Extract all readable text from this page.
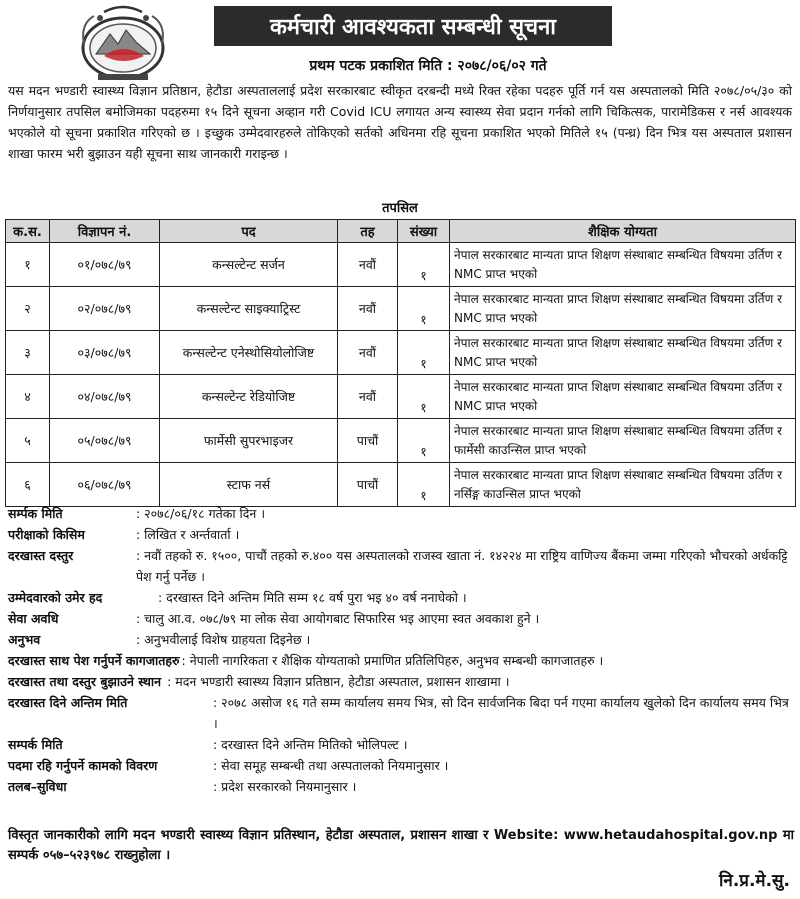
कर्मचारी आवश्यकता सम्बन्धी सूचना
प्रथम पटक प्रकाशित मिति : २०७८/०६/०२ गते
यस मदन भण्डारी स्वास्थ्य विज्ञान प्रतिष्ठान, हेटौडा अस्पताललाई प्रदेश सरकारबाट स्वीकृत दरबन्दी मध्ये रिक्त रहेका पदहरु पूर्ति गर्न यस अस्पतालको मिति २०७८/०५/३० को निर्णयानुसार तपसिल बमोजिमका पदहरुमा १५ दिने सूचना अव्हान गरी Covid ICU लगायत अन्य स्वास्थ्य सेवा प्रदान गर्नको लागि चिकित्सक, पारामेडिकस र नर्स आवश्यक भएकोले यो सूचना प्रकाशित गरिएको छ । इच्छुक उम्मेदवारहरुले तोकिएको सर्तको अधिनमा रहि सूचना प्रकाशित भएको मितिले १५ (पन्ध्र) दिन भित्र यस अस्पताल प्रशासन शाखा फारम भरी बुझाउन यही सूचना साथ जानकारी गराइन्छ ।
तपसिल
क.स.	विज्ञापन नं.	पद	तह	संख्या	शैक्षिक योग्यता
१	०१/०७८/७९	कन्सल्टेन्ट सर्जन	नवौं	१	नेपाल सरकारबाट मान्यता प्राप्त शिक्षण संस्थाबाट सम्बन्धित विषयमा उर्तिण र NMC प्राप्त भएको
२	०२/०७८/७९	कन्सल्टेन्ट साइक्याट्रिस्ट	नवौं	१	नेपाल सरकारबाट मान्यता प्राप्त शिक्षण संस्थाबाट सम्बन्धित विषयमा उर्तिण र NMC प्राप्त भएको
३	०३/०७८/७९	कन्सल्टेन्ट एनेस्थोसियोलोजिष्ट	नवौं	१	नेपाल सरकारबाट मान्यता प्राप्त शिक्षण संस्थाबाट सम्बन्धित विषयमा उर्तिण र NMC प्राप्त भएको
४	०४/०७८/७९	कन्सल्टेन्ट रेडियोजिष्ट	नवौं	१	नेपाल सरकारबाट मान्यता प्राप्त शिक्षण संस्थाबाट सम्बन्धित विषयमा उर्तिण र NMC प्राप्त भएको
५	०५/०७८/७९	फार्मेसी सुपरभाइजर	पाचौं	१	नेपाल सरकारबाट मान्यता प्राप्त शिक्षण संस्थाबाट सम्बन्धित विषयमा उर्तिण र फार्मेसी काउन्सिल प्राप्त भएको
६	०६/०७८/७९	स्टाफ नर्स	पाचौं	१	नेपाल सरकारबाट मान्यता प्राप्त शिक्षण संस्थाबाट सम्बन्धित विषयमा उर्तिण र नर्सिङ्ग काउन्सिल प्राप्त भएको
सर्म्पक मिति	: २०७८/०६/१८ गतेका दिन ।
परीक्षाको किसिम	: लिखित र अर्न्तवार्ता ।
दरखास्त दस्तुर	: नवौं तहको रु. १५००, पाचौं तहको रु.४०० यस अस्पतालको राजस्व खाता नं. १४२२४ मा राष्ट्रिय वाणिज्य बैंकमा जम्मा गरिएको भौचरको अर्धकट्टि पेश गर्नु पर्नेछ ।
उम्मेदवारको उमेर हद	: दरखास्त दिने अन्तिम मिति सम्म १८ वर्ष पुरा भइ ४० वर्ष ननाघेको ।
सेवा अवधि	: चालु आ.व. ०७८/७९ मा लोक सेवा आयोगबाट सिफारिस भइ आएमा स्वत अवकाश हुने ।
अनुभव	: अनुभवीलाई विशेष ग्राहयता दिइनेछ ।
दरखास्त साथ पेश गर्नुपर्ने कागजातहरु : नेपाली नागरिकता र शैक्षिक योग्यताको प्रमाणित प्रतिलिपिहरु, अनुभव सम्बन्धी कागजातहरु ।
दरखास्त तथा दस्तुर बुझाउने स्थान : मदन भण्डारी स्वास्थ्य विज्ञान प्रतिष्ठान, हेटौडा अस्पताल, प्रशासन शाखामा ।
दरखास्त दिने अन्तिम मिति	: २०७८ असोज १६ गते सम्म कार्यालय समय भित्र, सो दिन सार्वजनिक बिदा पर्न गएमा कार्यालय खुलेको दिन कार्यालय समय भित्र ।
सम्पर्क मिति	: दरखास्त दिने अन्तिम मितिको भोलिपल्ट ।
पदमा रहि गर्नुपर्ने कामको विवरण	: सेवा समूह सम्बन्धी तथा अस्पतालको नियमानुसार ।
तलब–सुविधा	: प्रदेश सरकारको नियमानुसार ।
विस्तृत जानकारीको लागि मदन भण्डारी स्वास्थ्य विज्ञान प्रतिस्थान, हेटौडा अस्पताल, प्रशासन शाखा र Website: www.hetaudahospital.gov.np मा सम्पर्क ०५७–५२३९७८ राख्नुहोला ।
नि.प्र.मे.सु.
